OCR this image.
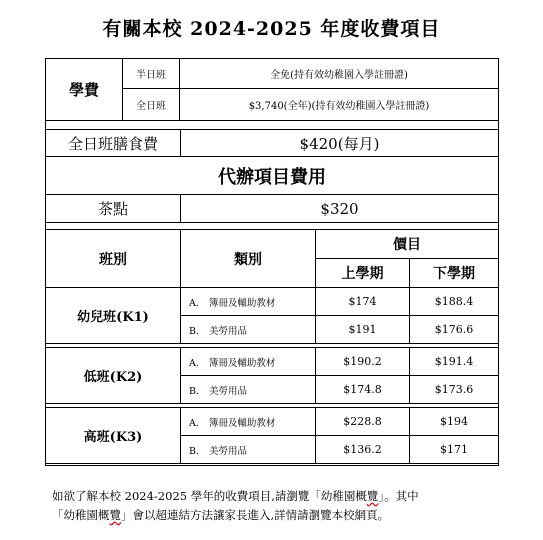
有關本校 2024-2025 年度收費項目
學費	半日班	全免(持有效幼稚園入學註冊證)
	全日班	$3,740(全年)(持有效幼稚園入學註冊證)
全日班膳食費	$420(每月)
代辦項目費用	
茶點	$320
班別	類別	價目	
		上學期	下學期
幼兒班(K1)	A. 簿冊及輔助教材	$174	$188.4
	B. 美勞用品	$191	$176.6

低班(K2)	A. 簿冊及輔助教材	$190.2	$191.4
	B. 美勞用品	$174.8	$173.6

高班(K3)	A. 簿冊及輔助教材	$228.8	$194
	B. 美勞用品	$136.2	$171
如欲了解本校 2024-2025 學年的收費項目,請瀏覽「幼稚園概覽」。其中
「幼稚園概覽」會以超連結方法讓家長進入,詳情請瀏覽本校網頁。
